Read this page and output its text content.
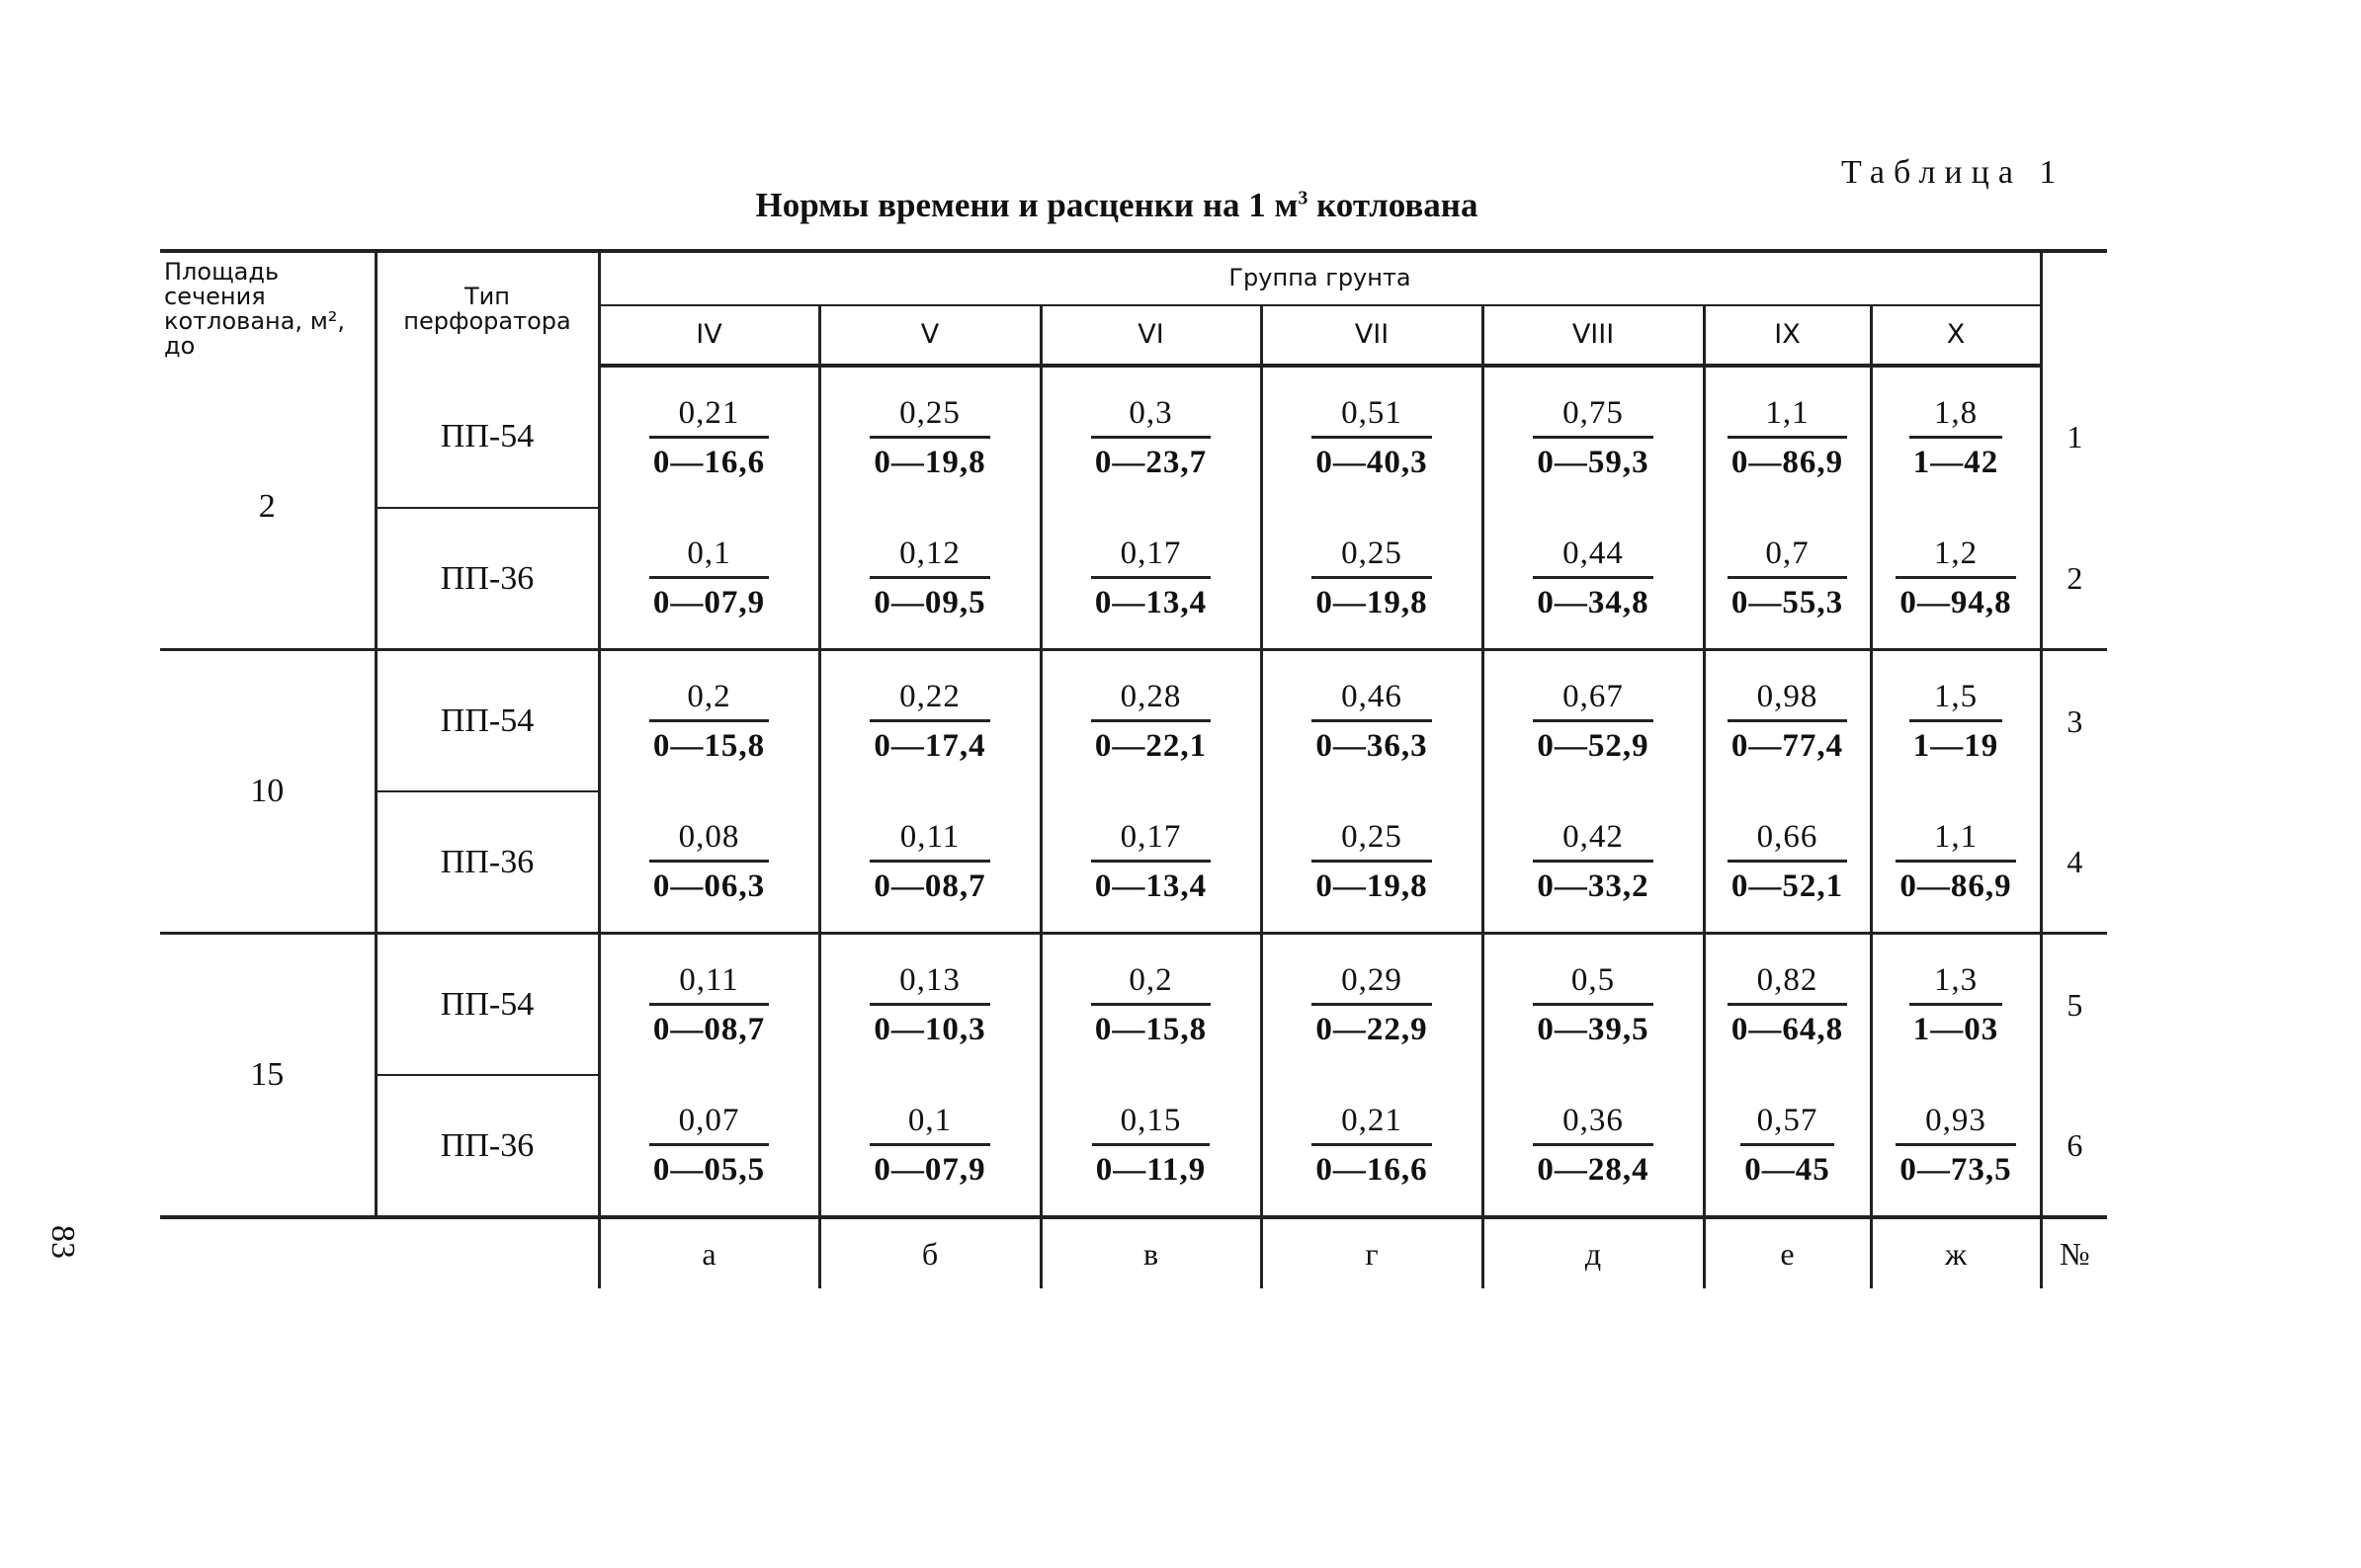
Таблица 1
Нормы времени и расценки на 1 $м^3$ котлована
83
Площадь сечения котлована, м², до	Тип перфоратора	Группа грунта							
		IV	V	VI	VII	VIII	IX	X	
2	ПП-54	$\frac{0,21}{0—16,6}$	$\frac{0,25}{0—19,8}$	$\frac{0,3}{0—23,7}$	$\frac{0,51}{0—40,3}$	$\frac{0,75}{0—59,3}$	$\frac{1,1}{0—86,9}$	$\frac{1,8}{1—42}$	1
	ПП-36	$\frac{0,1}{0—07,9}$	$\frac{0,12}{0—09,5}$	$\frac{0,17}{0—13,4}$	$\frac{0,25}{0—19,8}$	$\frac{0,44}{0—34,8}$	$\frac{0,7}{0—55,3}$	$\frac{1,2}{0—94,8}$	2
10	ПП-54	$\frac{0,2}{0—15,8}$	$\frac{0,22}{0—17,4}$	$\frac{0,28}{0—22,1}$	$\frac{0,46}{0—36,3}$	$\frac{0,67}{0—52,9}$	$\frac{0,98}{0—77,4}$	$\frac{1,5}{1—19}$	3
	ПП-36	$\frac{0,08}{0—06,3}$	$\frac{0,11}{0—08,7}$	$\frac{0,17}{0—13,4}$	$\frac{0,25}{0—19,8}$	$\frac{0,42}{0—33,2}$	$\frac{0,66}{0—52,1}$	$\frac{1,1}{0—86,9}$	4
15	ПП-54	$\frac{0,11}{0—08,7}$	$\frac{0,13}{0—10,3}$	$\frac{0,2}{0—15,8}$	$\frac{0,29}{0—22,9}$	$\frac{0,5}{0—39,5}$	$\frac{0,82}{0—64,8}$	$\frac{1,3}{1—03}$	5
	ПП-36	$\frac{0,07}{0—05,5}$	$\frac{0,1}{0—07,9}$	$\frac{0,15}{0—11,9}$	$\frac{0,21}{0—16,6}$	$\frac{0,36}{0—28,4}$	$\frac{0,57}{0—45}$	$\frac{0,93}{0—73,5}$	6
		а	б	в	г	д	е	ж	№
